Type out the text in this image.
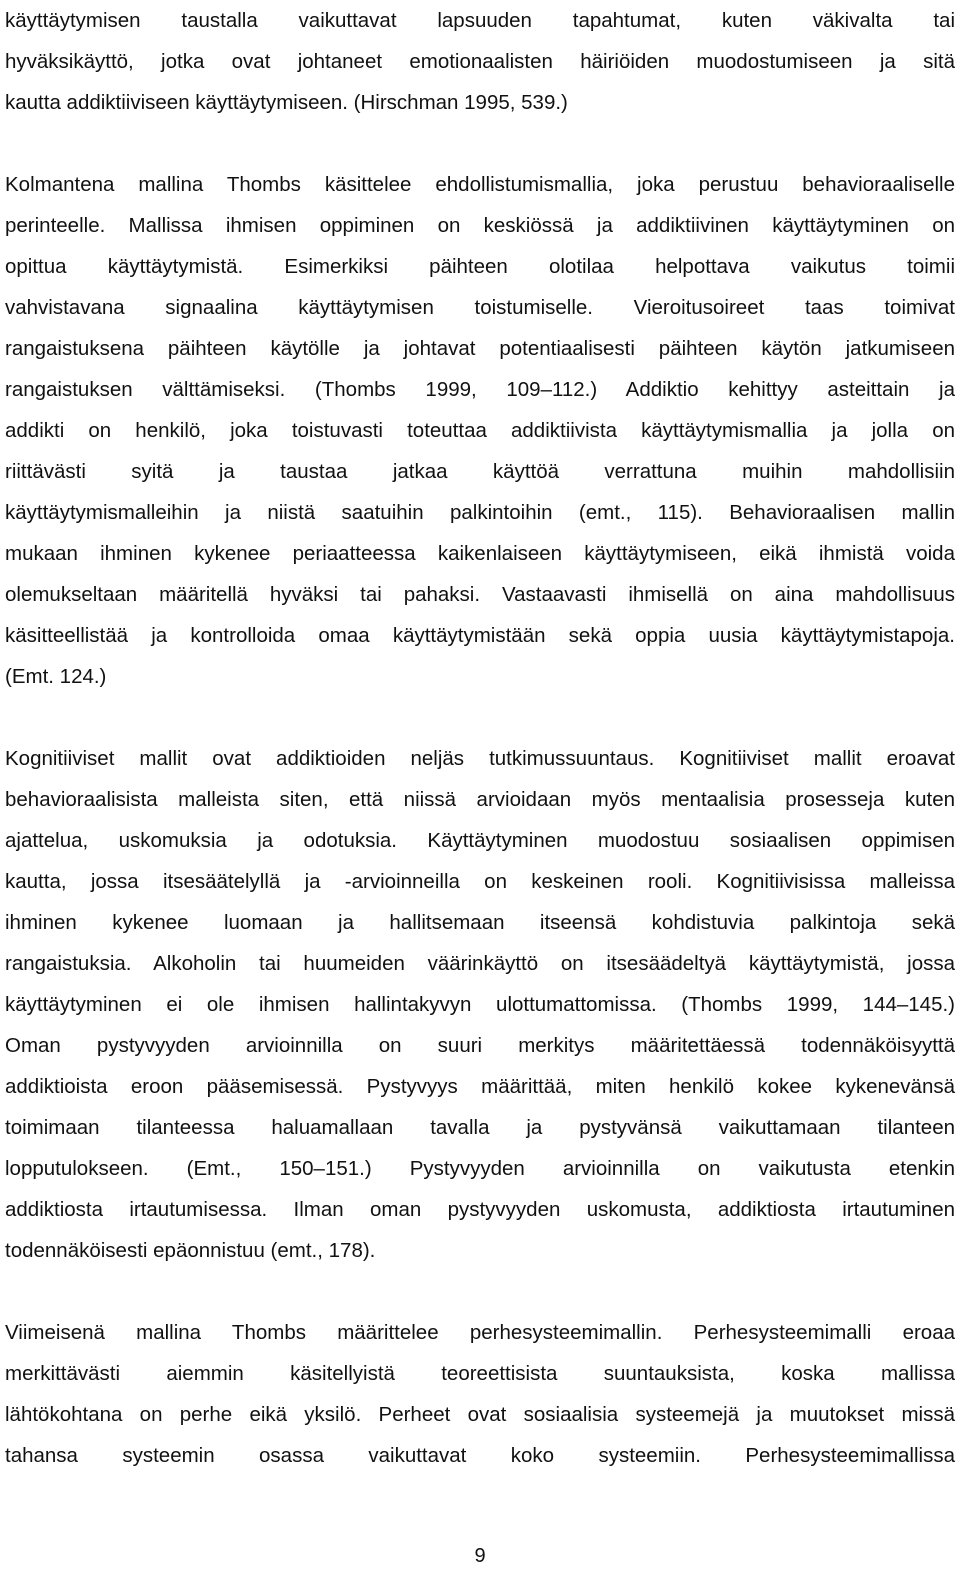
käyttäytymisen taustalla vaikuttavat lapsuuden tapahtumat, kuten väkivalta tai
hyväksikäyttö, jotka ovat johtaneet emotionaalisten häiriöiden muodostumiseen ja sitä
kautta addiktiiviseen käyttäytymiseen. (Hirschman 1995, 539.)
Kolmantena mallina Thombs käsittelee ehdollistumismallia, joka perustuu behavioraaliselle
perinteelle. Mallissa ihmisen oppiminen on keskiössä ja addiktiivinen käyttäytyminen on
opittua käyttäytymistä. Esimerkiksi päihteen olotilaa helpottava vaikutus toimii
vahvistavana signaalina käyttäytymisen toistumiselle. Vieroitusoireet taas toimivat
rangaistuksena päihteen käytölle ja johtavat potentiaalisesti päihteen käytön jatkumiseen
rangaistuksen välttämiseksi. (Thombs 1999, 109–112.) Addiktio kehittyy asteittain ja
addikti on henkilö, joka toistuvasti toteuttaa addiktiivista käyttäytymismallia ja jolla on
riittävästi syitä ja taustaa jatkaa käyttöä verrattuna muihin mahdollisiin
käyttäytymismalleihin ja niistä saatuihin palkintoihin (emt., 115). Behavioraalisen mallin
mukaan ihminen kykenee periaatteessa kaikenlaiseen käyttäytymiseen, eikä ihmistä voida
olemukseltaan määritellä hyväksi tai pahaksi. Vastaavasti ihmisellä on aina mahdollisuus
käsitteellistää ja kontrolloida omaa käyttäytymistään sekä oppia uusia käyttäytymistapoja.
(Emt. 124.)
Kognitiiviset mallit ovat addiktioiden neljäs tutkimussuuntaus. Kognitiiviset mallit eroavat
behavioraalisista malleista siten, että niissä arvioidaan myös mentaalisia prosesseja kuten
ajattelua, uskomuksia ja odotuksia. Käyttäytyminen muodostuu sosiaalisen oppimisen
kautta, jossa itsesäätelyllä ja -arvioinneilla on keskeinen rooli. Kognitiivisissa malleissa
ihminen kykenee luomaan ja hallitsemaan itseensä kohdistuvia palkintoja sekä
rangaistuksia. Alkoholin tai huumeiden väärinkäyttö on itsesäädeltyä käyttäytymistä, jossa
käyttäytyminen ei ole ihmisen hallintakyvyn ulottumattomissa. (Thombs 1999, 144–145.)
Oman pystyvyyden arvioinnilla on suuri merkitys määritettäessä todennäköisyyttä
addiktioista eroon pääsemisessä. Pystyvyys määrittää, miten henkilö kokee kykenevänsä
toimimaan tilanteessa haluamallaan tavalla ja pystyvänsä vaikuttamaan tilanteen
lopputulokseen. (Emt., 150–151.) Pystyvyyden arvioinnilla on vaikutusta etenkin
addiktiosta irtautumisessa. Ilman oman pystyvyyden uskomusta, addiktiosta irtautuminen
todennäköisesti epäonnistuu (emt., 178).
Viimeisenä mallina Thombs määrittelee perhesysteemimallin. Perhesysteemimalli eroaa
merkittävästi aiemmin käsitellyistä teoreettisista suuntauksista, koska mallissa
lähtökohtana on perhe eikä yksilö. Perheet ovat sosiaalisia systeemejä ja muutokset missä
tahansa systeemin osassa vaikuttavat koko systeemiin. Perhesysteemimallissa
9
